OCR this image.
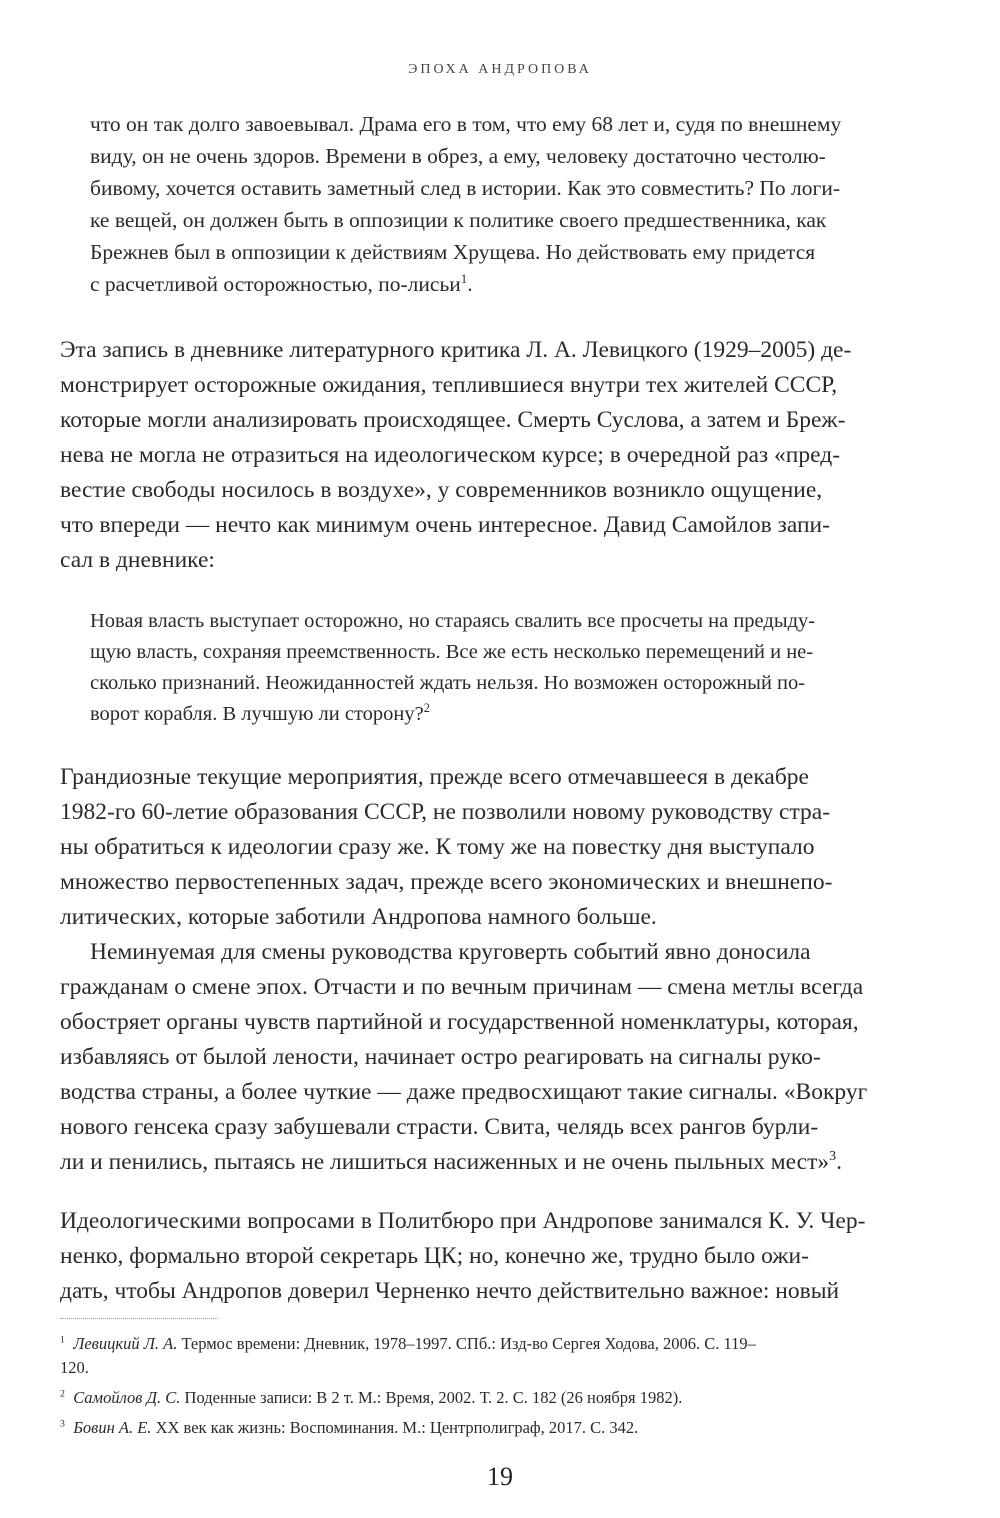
ЭПОХА АНДРОПОВА

что он так долго завоевывал. Драма его в том, что ему 68 лет и, судя по внешнему

виду, он не очень здоров. Времени в обрез, а ему, человеку достаточно честолю-

бивому, хочется оставить заметный след в истории. Как это совместить? По логи-

ке вещей, он должен быть в оппозиции к политике своего предшественника, как

Брежнев был в оппозиции к действиям Хрущева. Но действовать ему придется

с расчетливой осторожностью, по-лисьи$^1$.

Эта запись в дневнике литературного критика Л. А. Левицкого (1929–2005) де-

монстрирует осторожные ожидания, теплившиеся внутри тех жителей СССР,

которые могли анализировать происходящее. Смерть Суслова, а затем и Бреж-

нева не могла не отразиться на идеологическом курсе; в очередной раз «пред-

вестие свободы носилось в воздухе», у современников возникло ощущение,

что впереди — нечто как минимум очень интересное. Давид Самойлов запи-

сал в дневнике:

Новая власть выступает осторожно, но стараясь свалить все просчеты на предыду-

щую власть, сохраняя преемственность. Все же есть несколько перемещений и не-

сколько признаний. Неожиданностей ждать нельзя. Но возможен осторожный по-

ворот корабля. В лучшую ли сторону?$^2$

Грандиозные текущие мероприятия, прежде всего отмечавшееся в декабре

1982-го 60-летие образования СССР, не позволили новому руководству стра-

ны обратиться к идеологии сразу же. К тому же на повестку дня выступало

множество первостепенных задач, прежде всего экономических и внешнепо-

литических, которые заботили Андропова намного больше.

Неминуемая для смены руководства круговерть событий явно доносила

гражданам о смене эпох. Отчасти и по вечным причинам — смена метлы всегда

обостряет органы чувств партийной и государственной номенклатуры, которая,

избавляясь от былой лености, начинает остро реагировать на сигналы руко-

водства страны, а более чуткие — даже предвосхищают такие сигналы. «Вокруг

нового генсека сразу забушевали страсти. Свита, челядь всех рангов бурли-

ли и пенились, пытаясь не лишиться насиженных и не очень пыльных мест»$^3$.

Идеологическими вопросами в Политбюро при Андропове занимался К. У. Чер-

ненко, формально второй секретарь ЦК; но, конечно же, трудно было ожи-

дать, чтобы Андропов доверил Черненко нечто действительно важное: новый

$^1$ Левицкий Л. А. Термос времени: Дневник, 1978–1997. СПб.: Изд-во Сергея Ходова, 2006. С. 119–

120.

$^2$ Самойлов Д. С. Поденные записи: В 2 т. М.: Время, 2002. Т. 2. С. 182 (26 ноября 1982).

$^3$ Бовин А. Е. XX век как жизнь: Воспоминания. М.: Центрполиграф, 2017. С. 342.

19
